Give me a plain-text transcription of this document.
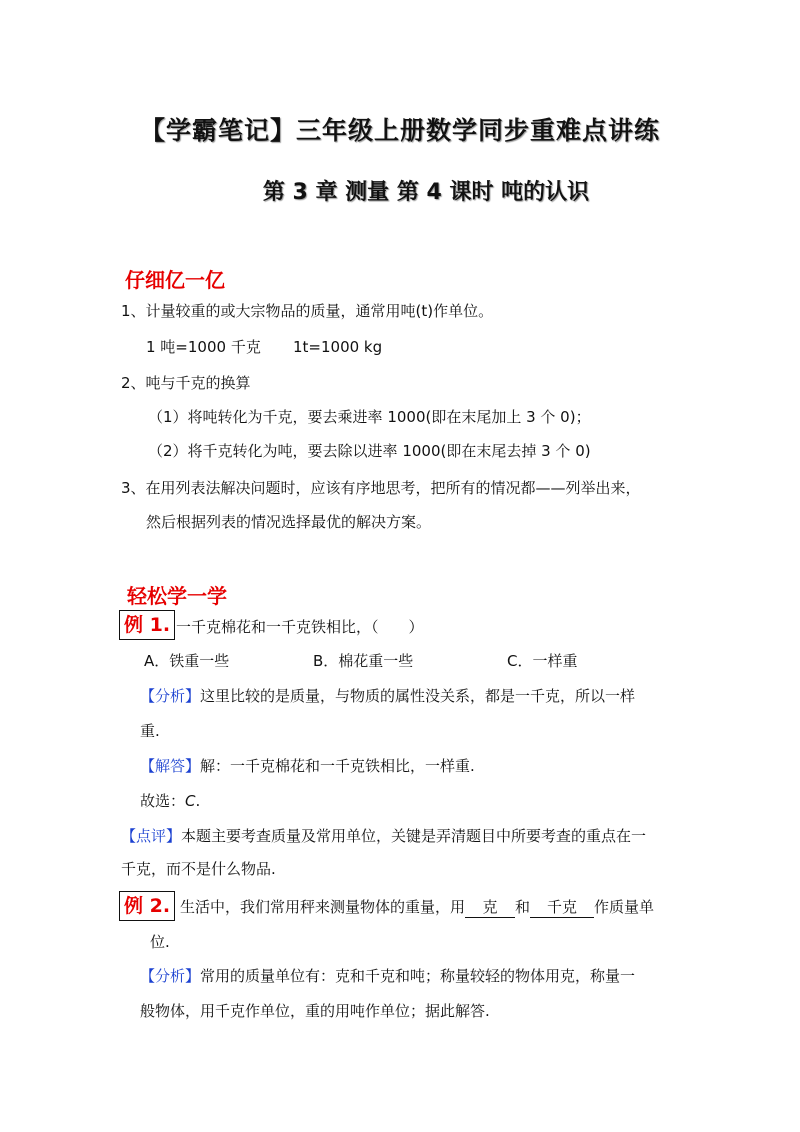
【学霸笔记】三年级上册数学同步重难点讲练
第 3 章 测量 第 4 课时 吨的认识
仔细亿一亿
1、计量较重的或大宗物品的质量，通常用吨(t)作单位。
1 吨=1000 千克 1t=1000 kg
2、吨与千克的换算
（1）将吨转化为千克，要去乘进率 1000(即在末尾加上 3 个 0)；
（2）将千克转化为吨，要去除以进率 1000(即在末尾去掉 3 个 0)
3、在用列表法解决问题时，应该有序地思考，把所有的情况都——列举出来，
然后根据列表的情况选择最优的解决方案。
轻松学一学
例 1. 一千克棉花和一千克铁相比，（　　）
A．铁重一些	B．棉花重一些	C．一样重
【分析】这里比较的是质量，与物质的属性没关系，都是一千克，所以一样
重.
【解答】解：一千克棉花和一千克铁相比，一样重.
故选：C.
【点评】本题主要考查质量及常用单位，关键是弄清题目中所要考查的重点在一
千克，而不是什么物品.
例 2. 生活中，我们常用秤来测量物体的重量，用 克 和 千克 作质量单
位.
【分析】常用的质量单位有：克和千克和吨；称量较轻的物体用克，称量一
般物体，用千克作单位，重的用吨作单位；据此解答.
